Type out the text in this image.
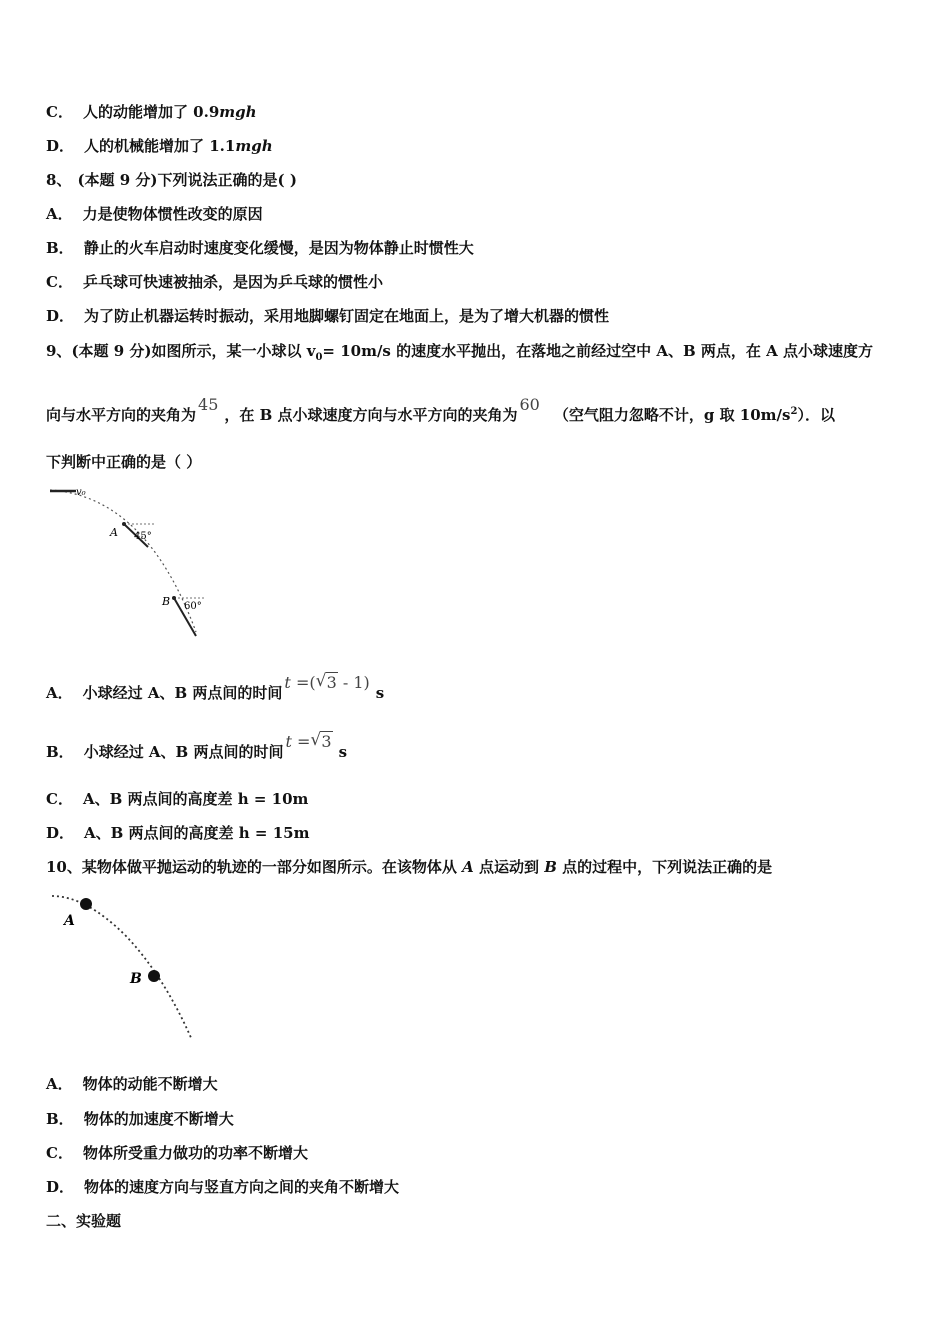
C． 人的动能增加了 0.9mgh
D． 人的机械能增加了 1.1mgh
8、 (本题 9 分)下列说法正确的是( )
A． 力是使物体惯性改变的原因
B． 静止的火车启动时速度变化缓慢，是因为物体静止时惯性大
C． 乒乓球可快速被抽杀，是因为乒乓球的惯性小
D． 为了防止机器运转时振动，采用地脚螺钉固定在地面上，是为了增大机器的惯性
9、(本题 9 分)如图所示，某一小球以 $v_0= 10m/s$ 的速度水平抛出，在落地之前经过空中 A、B 两点，在 A 点小球速度方
向与水平方向的夹角为45，在 B 点小球速度方向与水平方向的夹角为60（空气阻力忽略不计，g 取 $10m/s^2$）．以
下判断中正确的是（ ）
v₀
A 45°
B 60°
A． 小球经过 A、B 两点间的时间t =( √ 3 - 1)s
B． 小球经过 A、B 两点间的时间t = √ 3s
C． A、B 两点间的高度差 h = 10m
D． A、B 两点间的高度差 h = 15m
10、某物体做平抛运动的轨迹的一部分如图所示。在该物体从 A 点运动到 B 点的过程中，下列说法正确的是
A
B
A． 物体的动能不断增大
B． 物体的加速度不断增大
C． 物体所受重力做功的功率不断增大
D． 物体的速度方向与竖直方向之间的夹角不断增大
二、实验题
